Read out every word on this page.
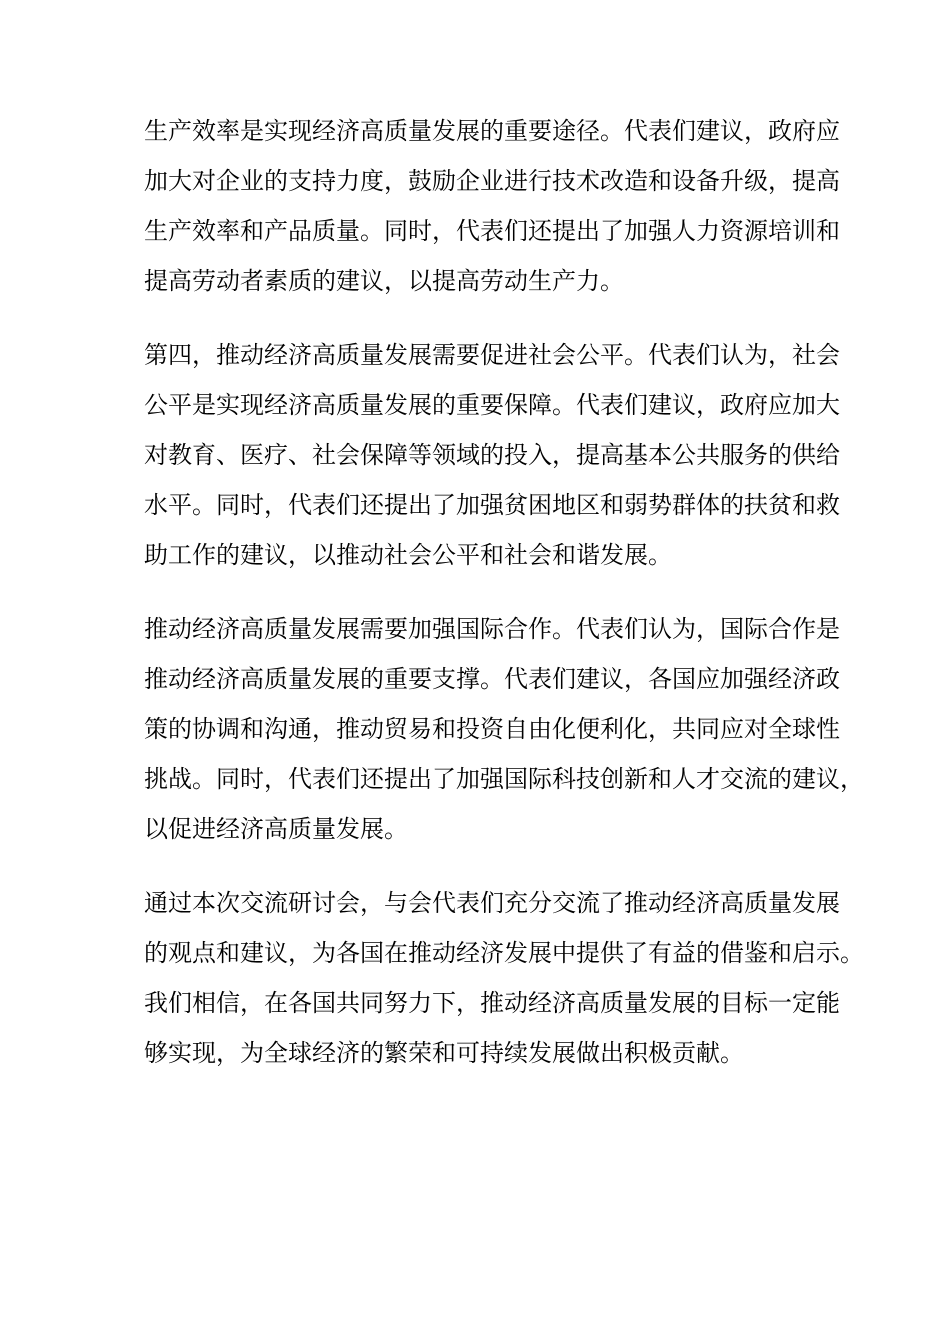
生产效率是实现经济高质量发展的重要途径。代表们建议，政府应
加大对企业的支持力度，鼓励企业进行技术改造和设备升级，提高
生产效率和产品质量。同时，代表们还提出了加强人力资源培训和
提高劳动者素质的建议，以提高劳动生产力。

第四，推动经济高质量发展需要促进社会公平。代表们认为，社会
公平是实现经济高质量发展的重要保障。代表们建议，政府应加大
对教育、医疗、社会保障等领域的投入，提高基本公共服务的供给
水平。同时，代表们还提出了加强贫困地区和弱势群体的扶贫和救
助工作的建议，以推动社会公平和社会和谐发展。

推动经济高质量发展需要加强国际合作。代表们认为，国际合作是
推动经济高质量发展的重要支撑。代表们建议，各国应加强经济政
策的协调和沟通，推动贸易和投资自由化便利化，共同应对全球性
挑战。同时，代表们还提出了加强国际科技创新和人才交流的建议，
以促进经济高质量发展。

通过本次交流研讨会，与会代表们充分交流了推动经济高质量发展
的观点和建议，为各国在推动经济发展中提供了有益的借鉴和启示。
我们相信，在各国共同努力下，推动经济高质量发展的目标一定能
够实现，为全球经济的繁荣和可持续发展做出积极贡献。
